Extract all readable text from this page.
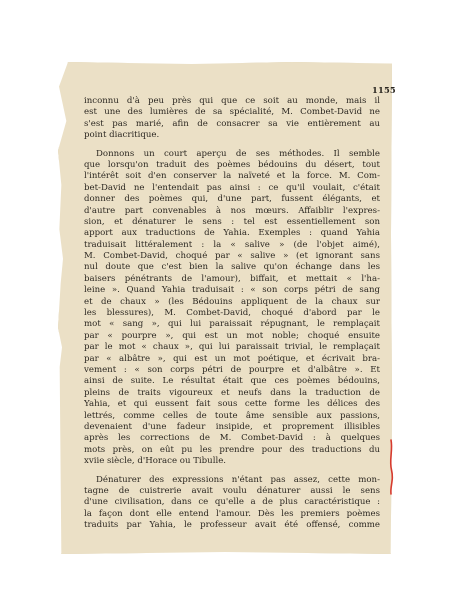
1155
inconnu d'à peu près qui que ce soit au monde, mais il
est une des lumières de sa spécialité, M. Combet-David ne
s'est pas marié, afin de consacrer sa vie entièrement au
point diacritique.
Donnons un court aperçu de ses méthodes. Il semble
que lorsqu'on traduit des poèmes bédouins du désert, tout
l'intérêt soit d'en conserver la naïveté et la force. M. Com-
bet-David ne l'entendait pas ainsi : ce qu'il voulait, c'était
donner des poèmes qui, d'une part, fussent élégants, et
d'autre part convenables à nos mœurs. Affaiblir l'expres-
sion, et dénaturer le sens : tel est essentiellement son
apport aux traductions de Yahia. Exemples : quand Yahia
traduisait littéralement : la « salive » (de l'objet aimé),
M. Combet-David, choqué par « salive » (et ignorant sans
nul doute que c'est bien la salive qu'on échange dans les
baisers pénétrants de l'amour), biffait, et mettait « l'ha-
leine ». Quand Yahia traduisait : « son corps pétri de sang
et de chaux » (les Bédouins appliquent de la chaux sur
les blessures), M. Combet-David, choqué d'abord par le
mot « sang », qui lui paraissait répugnant, le remplaçait
par « pourpre », qui est un mot noble; choqué ensuite
par le mot « chaux », qui lui paraissait trivial, le remplaçait
par « albâtre », qui est un mot poétique, et écrivait bra-
vement : « son corps pétri de pourpre et d'albâtre ». Et
ainsi de suite. Le résultat était que ces poèmes bédouins,
pleins de traits vigoureux et neufs dans la traduction de
Yahia, et qui eussent fait sous cette forme les délices des
lettrés, comme celles de toute âme sensible aux passions,
devenaient d'une fadeur insipide, et proprement illisibles
après les corrections de M. Combet-David : à quelques
mots près, on eût pu les prendre pour des traductions du
xviie siècle, d'Horace ou Tibulle.
Dénaturer des expressions n'étant pas assez, cette mon-
tagne de cuistrerie avait voulu dénaturer aussi le sens
d'une civilisation, dans ce qu'elle a de plus caractéristique :
la façon dont elle entend l'amour. Dès les premiers poèmes
traduits par Yahia, le professeur avait été offensé, comme
